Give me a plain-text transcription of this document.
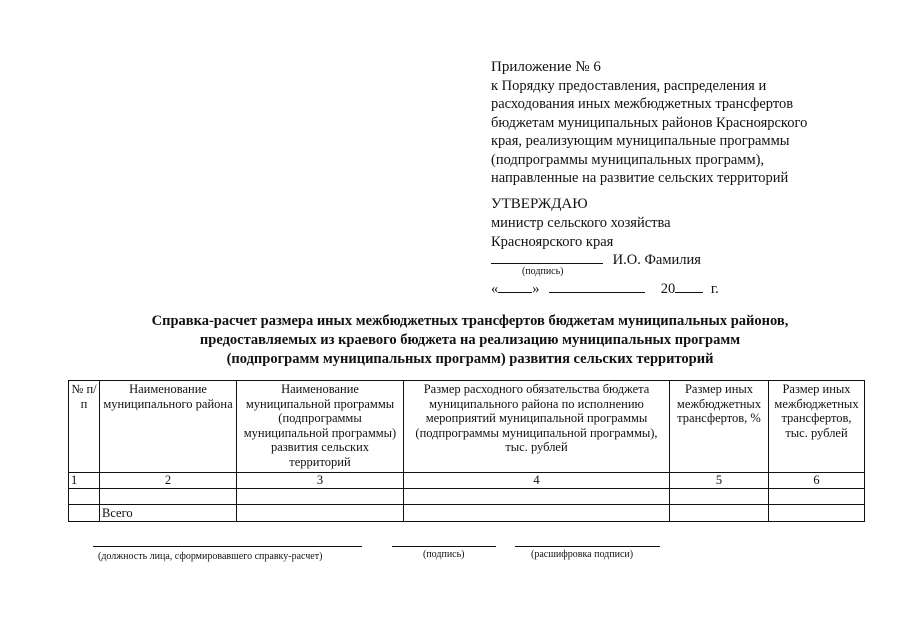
Приложение № 6
к Порядку предоставления, распределения и
расходования иных межбюджетных трансфертов
бюджетам муниципальных районов Красноярского
края, реализующим муниципальные программы
(подпрограммы муниципальных программ),
направленные на развитие сельских территорий
УТВЕРЖДАЮ
министр сельского хозяйства
Красноярского края
И.О. Фамилия
(подпись)
« »	20 г.
Справка-расчет размера иных межбюджетных трансфертов бюджетам муниципальных районов,
предоставляемых из краевого бюджета на реализацию муниципальных программ
(подпрограмм муниципальных программ) развития сельских территорий
№ п/п	Наименование муниципального района	Наименование муниципальной программы (подпрограммы муниципальной программы) развития сельских территорий	Размер расходного обязательства бюджета муниципального района по исполнению мероприятий муниципальной программы (подпрограммы муниципальной программы), тыс. рублей	Размер иных межбюджетных трансфертов, %	Размер иных межбюджетных трансфертов, тыс. рублей
1	2	3	4	5	6

	Всего				
(должность лица, сформировавшего справку-расчет)	(подпись)	(расшифровка подписи)
